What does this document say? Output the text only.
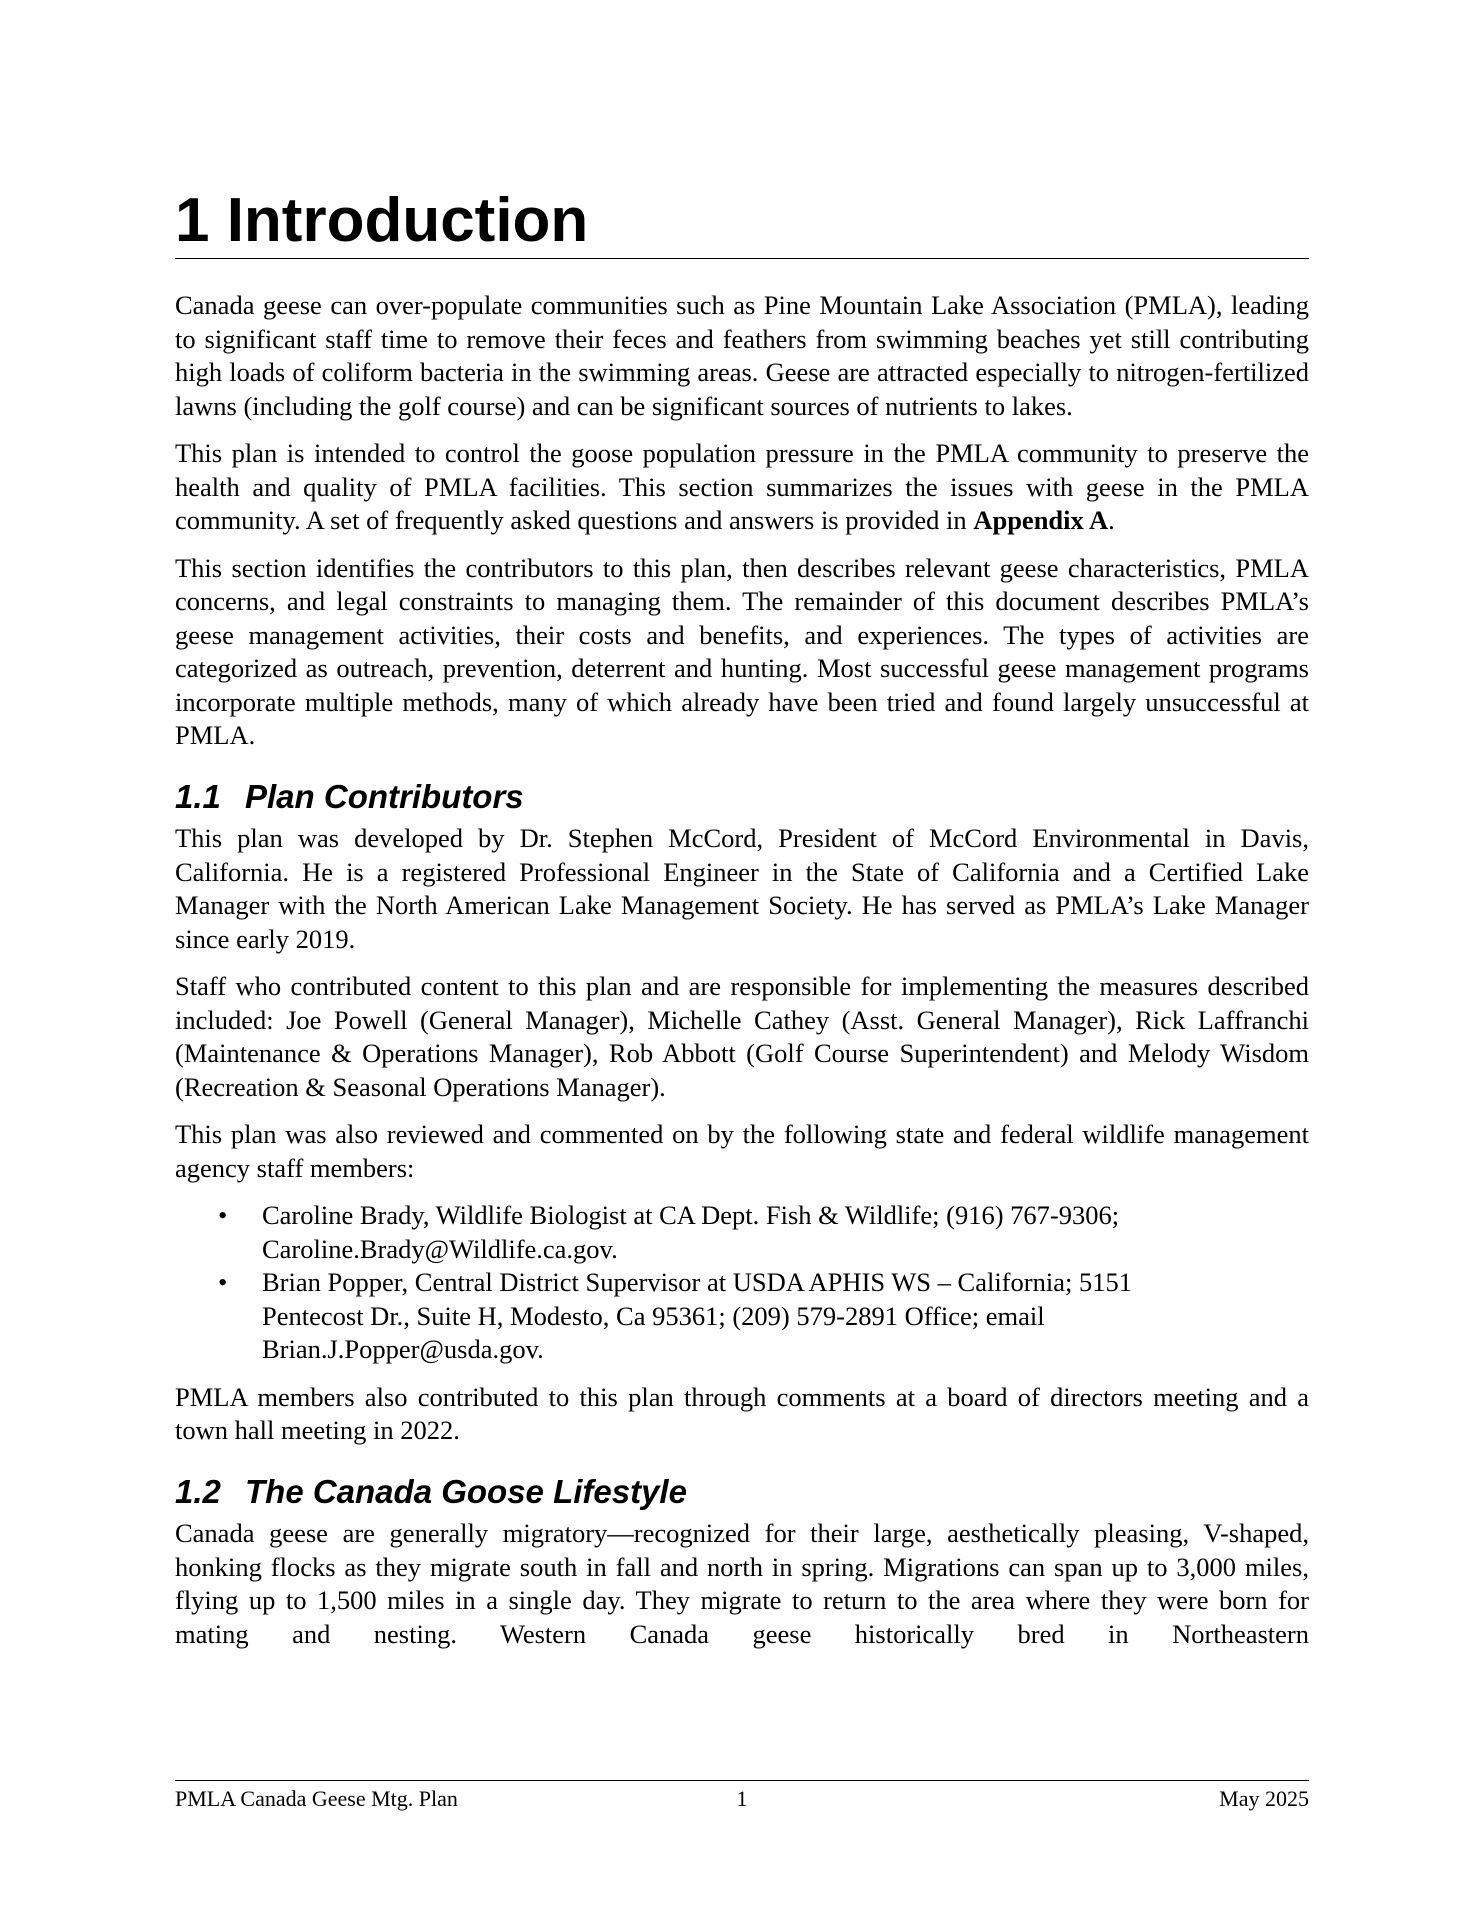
1 Introduction

Canada geese can over-populate communities such as Pine Mountain Lake Association (PMLA), leading to significant staff time to remove their feces and feathers from swimming beaches yet still contributing high loads of coliform bacteria in the swimming areas. Geese are attracted especially to nitrogen-fertilized lawns (including the golf course) and can be significant sources of nutrients to lakes.

This plan is intended to control the goose population pressure in the PMLA community to preserve the health and quality of PMLA facilities. This section summarizes the issues with geese in the PMLA community. A set of frequently asked questions and answers is provided in Appendix A.

This section identifies the contributors to this plan, then describes relevant geese characteristics, PMLA concerns, and legal constraints to managing them. The remainder of this document describes PMLA’s geese management activities, their costs and benefits, and experiences. The types of activities are categorized as outreach, prevention, deterrent and hunting. Most successful geese management programs incorporate multiple methods, many of which already have been tried and found largely unsuccessful at PMLA.

1.1 Plan Contributors

This plan was developed by Dr. Stephen McCord, President of McCord Environmental in Davis, California. He is a registered Professional Engineer in the State of California and a Certified Lake Manager with the North American Lake Management Society. He has served as PMLA’s Lake Manager since early 2019.

Staff who contributed content to this plan and are responsible for implementing the measures described included: Joe Powell (General Manager), Michelle Cathey (Asst. General Manager), Rick Laffranchi (Maintenance & Operations Manager), Rob Abbott (Golf Course Superintendent) and Melody Wisdom (Recreation & Seasonal Operations Manager).

This plan was also reviewed and commented on by the following state and federal wildlife management agency staff members:

• Caroline Brady, Wildlife Biologist at CA Dept. Fish & Wildlife; (916) 767-9306;
Caroline.Brady@Wildlife.ca.gov.
• Brian Popper, Central District Supervisor at USDA APHIS WS – California; 5151
Pentecost Dr., Suite H, Modesto, Ca 95361; (209) 579-2891 Office; email
Brian.J.Popper@usda.gov.

PMLA members also contributed to this plan through comments at a board of directors meeting and a town hall meeting in 2022.

1.2 The Canada Goose Lifestyle

Canada geese are generally migratory—recognized for their large, aesthetically pleasing, V-shaped, honking flocks as they migrate south in fall and north in spring. Migrations can span up to 3,000 miles, flying up to 1,500 miles in a single day. They migrate to return to the area where they were born for mating and nesting. Western Canada geese historically bred in Northeastern

PMLA Canada Geese Mtg. Plan	1	May 2025
